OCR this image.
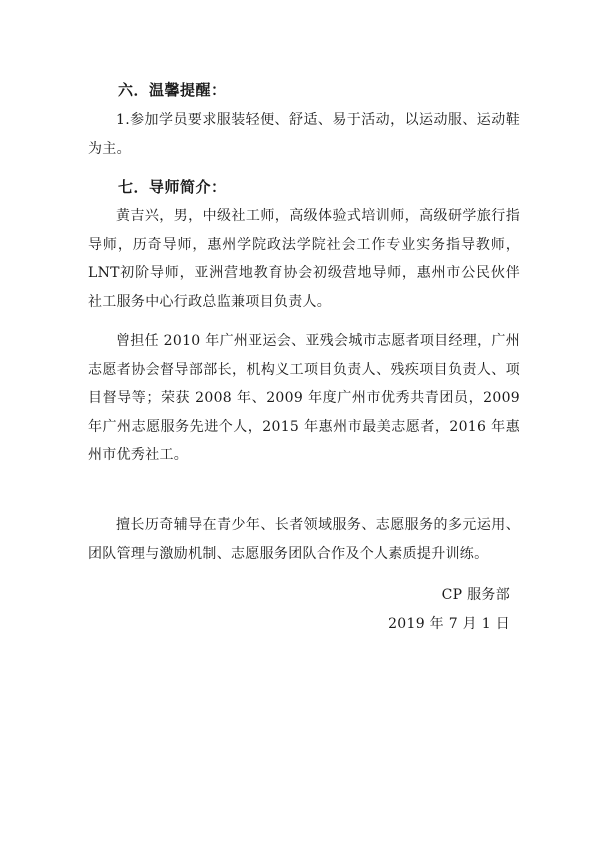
六．温馨提醒：

1.参加学员要求服装轻便、舒适、易于活动，以运动服、运动鞋为主。

七．导师简介：

黄吉兴，男，中级社工师，高级体验式培训师，高级研学旅行指导师，历奇导师，惠州学院政法学院社会工作专业实务指导教师，LNT初阶导师，亚洲营地教育协会初级营地导师，惠州市公民伙伴社工服务中心行政总监兼项目负责人。

曾担任 2010 年广州亚运会、亚残会城市志愿者项目经理，广州志愿者协会督导部部长，机构义工项目负责人、残疾项目负责人、项目督导等；荣获 2008 年、2009 年度广州市优秀共青团员，2009 年广州志愿服务先进个人，2015 年惠州市最美志愿者，2016 年惠州市优秀社工。

擅长历奇辅导在青少年、长者领域服务、志愿服务的多元运用、团队管理与激励机制、志愿服务团队合作及个人素质提升训练。

CP 服务部

2019 年 7 月 1 日
